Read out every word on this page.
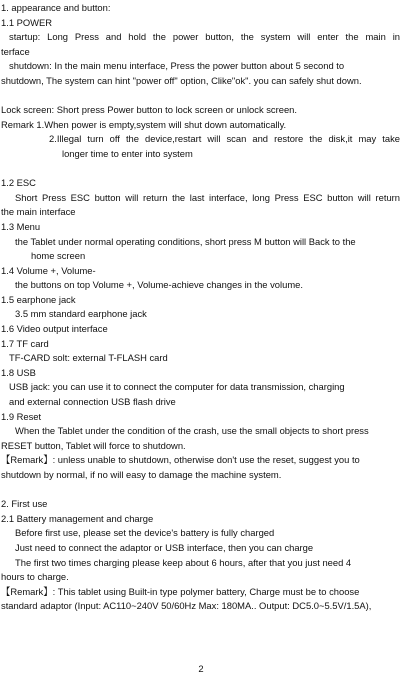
1. appearance and button:
1.1 POWER
startup: Long Press and hold the power button, the system will enter the main in
terface
shutdown: In the main menu interface, Press the power button about 5 second to
shutdown, The system can hint "power off" option, Clike"ok". you can safely shut down.
Lock screen: Short press Power button to lock screen or unlock screen.
Remark 1.When power is empty,system will shut down automatically.
2.Illegal turn off the device,restart will scan and restore the disk,it may take
longer time to enter into system
1.2 ESC
Short Press ESC button will return the last interface, long Press ESC button will return
the main interface
1.3 Menu
the Tablet under normal operating conditions, short press M button will Back to the
home screen
1.4 Volume +, Volume-
the buttons on top Volume +, Volume-achieve changes in the volume.
1.5 earphone jack
3.5 mm standard earphone jack
1.6 Video output interface
1.7 TF card
TF-CARD solt: external T-FLASH card
1.8 USB
USB jack: you can use it to connect the computer for data transmission, charging
and external connection USB flash drive
1.9 Reset
When the Tablet under the condition of the crash, use the small objects to short press
RESET button, Tablet will force to shutdown.
【Remark】: unless unable to shutdown, otherwise don't use the reset, suggest you to
shutdown by normal, if no will easy to damage the machine system.
2. First use
2.1 Battery management and charge
Before first use, please set the device's battery is fully charged
Just need to connect the adaptor or USB interface, then you can charge
The first two times charging please keep about 6 hours, after that you just need 4
hours to charge.
【Remark】: This tablet using Built-in type polymer battery, Charge must be to choose
standard adaptor (Input: AC110~240V 50/60Hz Max: 180MA.. Output: DC5.0~5.5V/1.5A),
2
